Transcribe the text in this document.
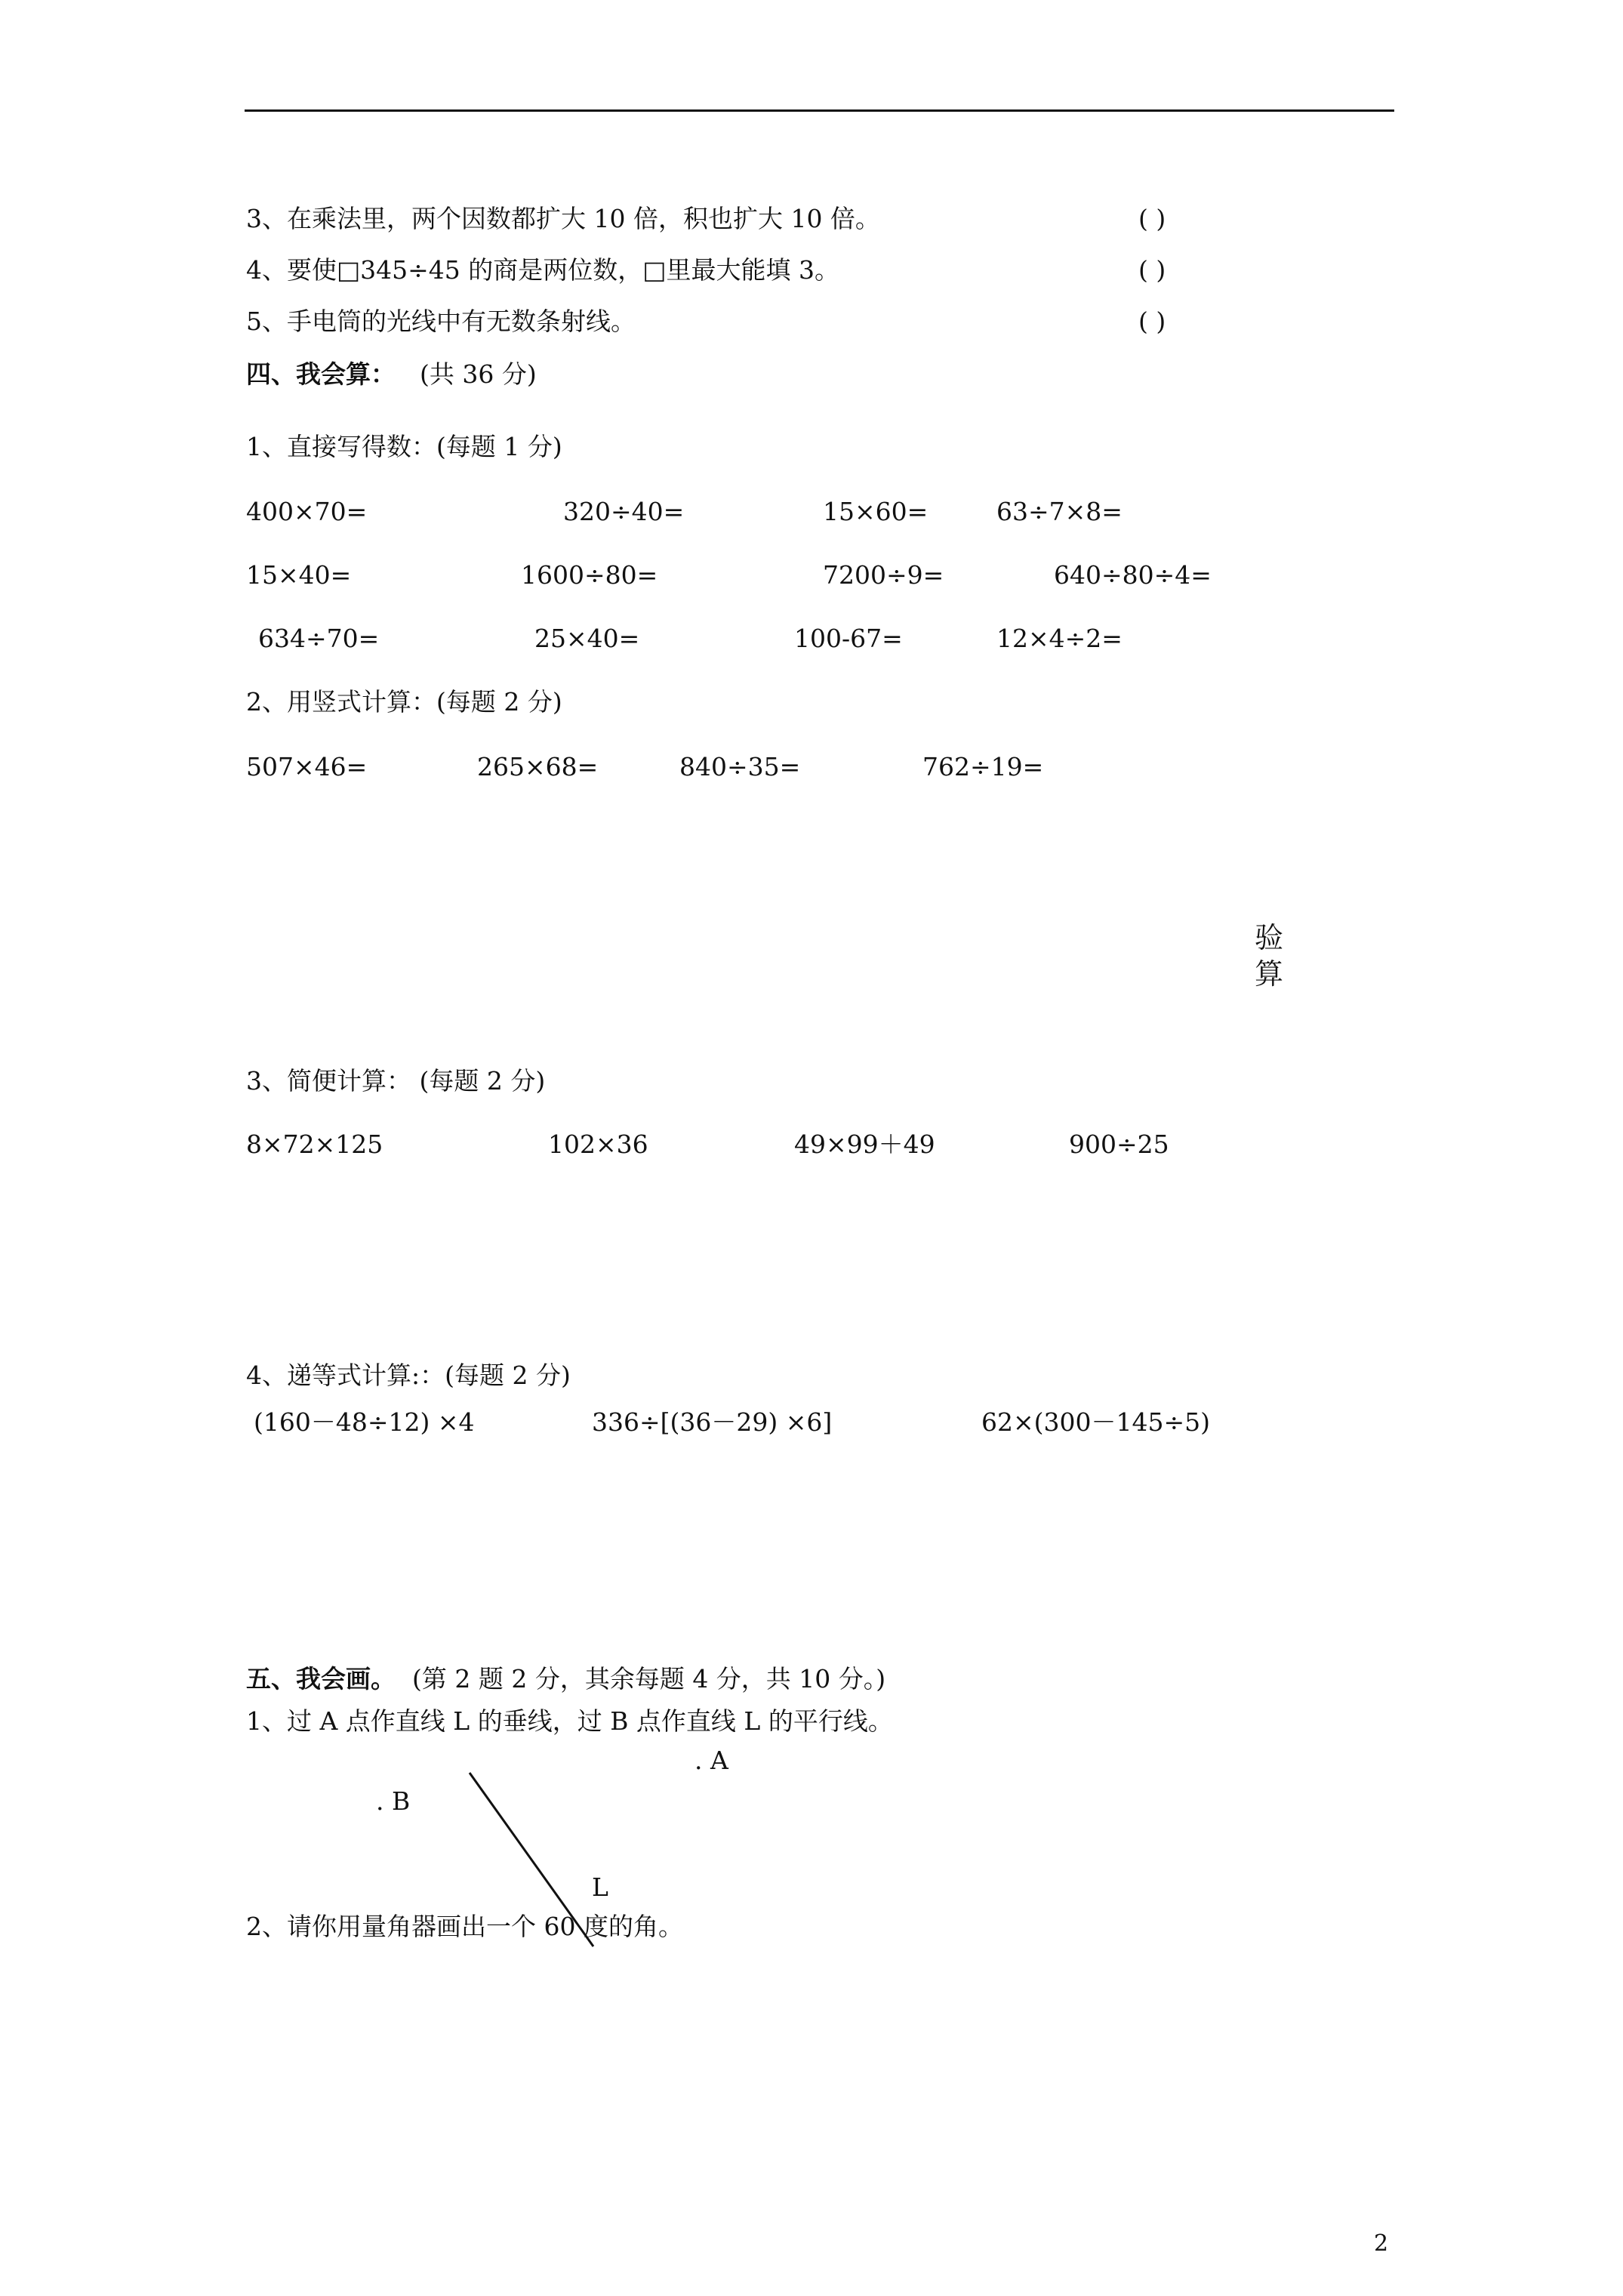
3、在乘法里，两个因数都扩大 10 倍，积也扩大 10 倍。	( )
4、要使□345÷45 的商是两位数，□里最大能填 3。	( )
5、手电筒的光线中有无数条射线。	( )
四、我会算： (共 36 分)
1、直接写得数：(每题 1 分)
400×70=	320÷40=	15×60=	63÷7×8=
15×40=	1600÷80=	7200÷9=	640÷80÷4=
634÷70=	25×40=	100-67=	12×4÷2=
2、用竖式计算：(每题 2 分)
507×46=	265×68=	840÷35=	762÷19=
验
算
3、简便计算： (每题 2 分)
8×72×125	102×36	49×99＋49	900÷25
4、递等式计算:：(每题 2 分)
(160－48÷12) ×4	336÷[(36－29) ×6]	62×(300－145÷5)
五、我会画。 (第 2 题 2 分，其余每题 4 分，共 10 分。)
1、过 A 点作直线 L 的垂线，过 B 点作直线 L 的平行线。
. A
. B
L
2、请你用量角器画出一个 60 度的角。
2
